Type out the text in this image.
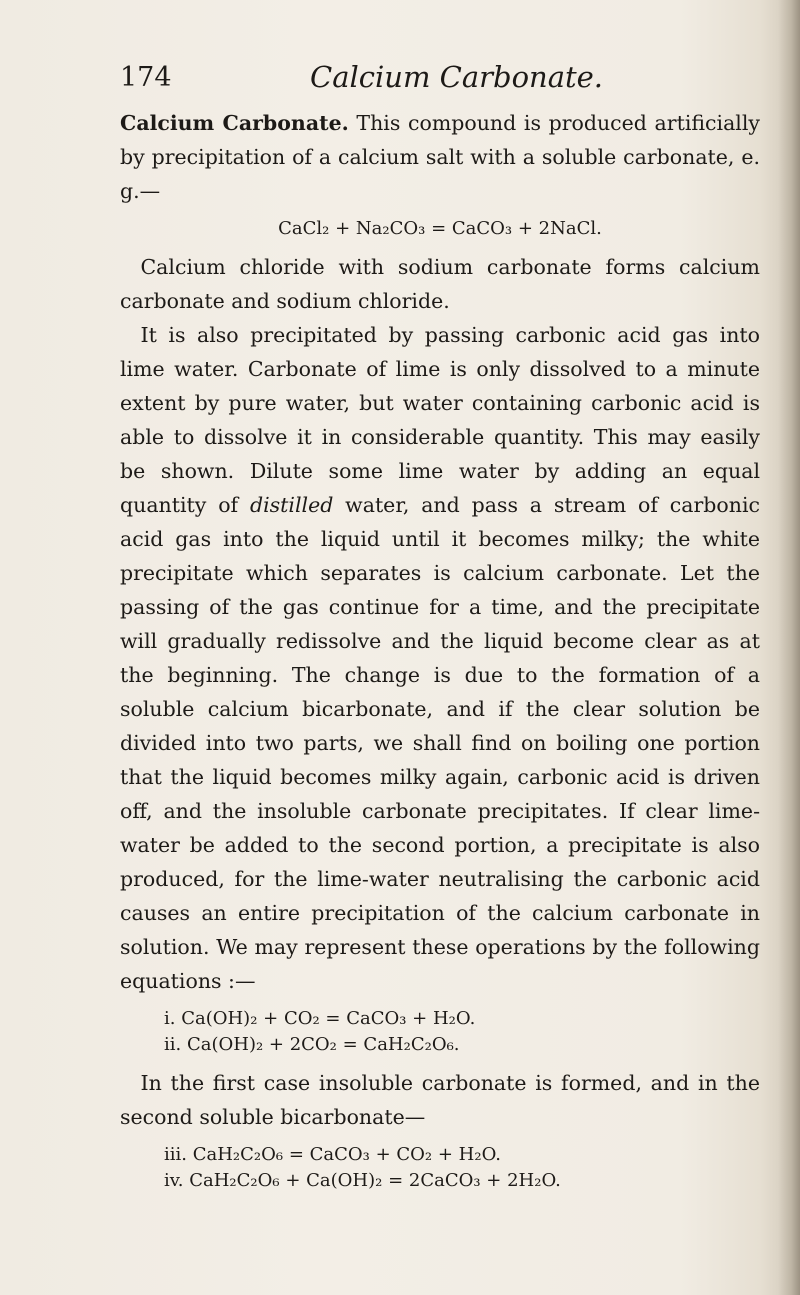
174	Calcium Carbonate.

Calcium Carbonate. This compound is produced artificially by precipitation of a calcium salt with a soluble carbonate, e. g.—

CaCl₂ + Na₂CO₃ = CaCO₃ + 2NaCl.

Calcium chloride with sodium carbonate forms calcium carbonate and sodium chloride.

It is also precipitated by passing carbonic acid gas into lime water. Carbonate of lime is only dissolved to a minute extent by pure water, but water containing carbonic acid is able to dissolve it in considerable quantity. This may easily be shown. Dilute some lime water by adding an equal quantity of distilled water, and pass a stream of carbonic acid gas into the liquid until it becomes milky; the white precipitate which separates is calcium carbonate. Let the passing of the gas continue for a time, and the precipitate will gradually redissolve and the liquid become clear as at the beginning. The change is due to the formation of a soluble calcium bicarbonate, and if the clear solution be divided into two parts, we shall find on boiling one portion that the liquid becomes milky again, carbonic acid is driven off, and the insoluble carbonate precipitates. If clear lime-water be added to the second portion, a precipitate is also produced, for the lime-water neutralising the carbonic acid causes an entire precipitation of the calcium carbonate in solution. We may represent these operations by the following equations :—

i. Ca(OH)₂ + CO₂ = CaCO₃ + H₂O.
ii. Ca(OH)₂ + 2CO₂ = CaH₂C₂O₆.

In the first case insoluble carbonate is formed, and in the second soluble bicarbonate—

iii. CaH₂C₂O₆ = CaCO₃ + CO₂ + H₂O.
iv. CaH₂C₂O₆ + Ca(OH)₂ = 2CaCO₃ + 2H₂O.
